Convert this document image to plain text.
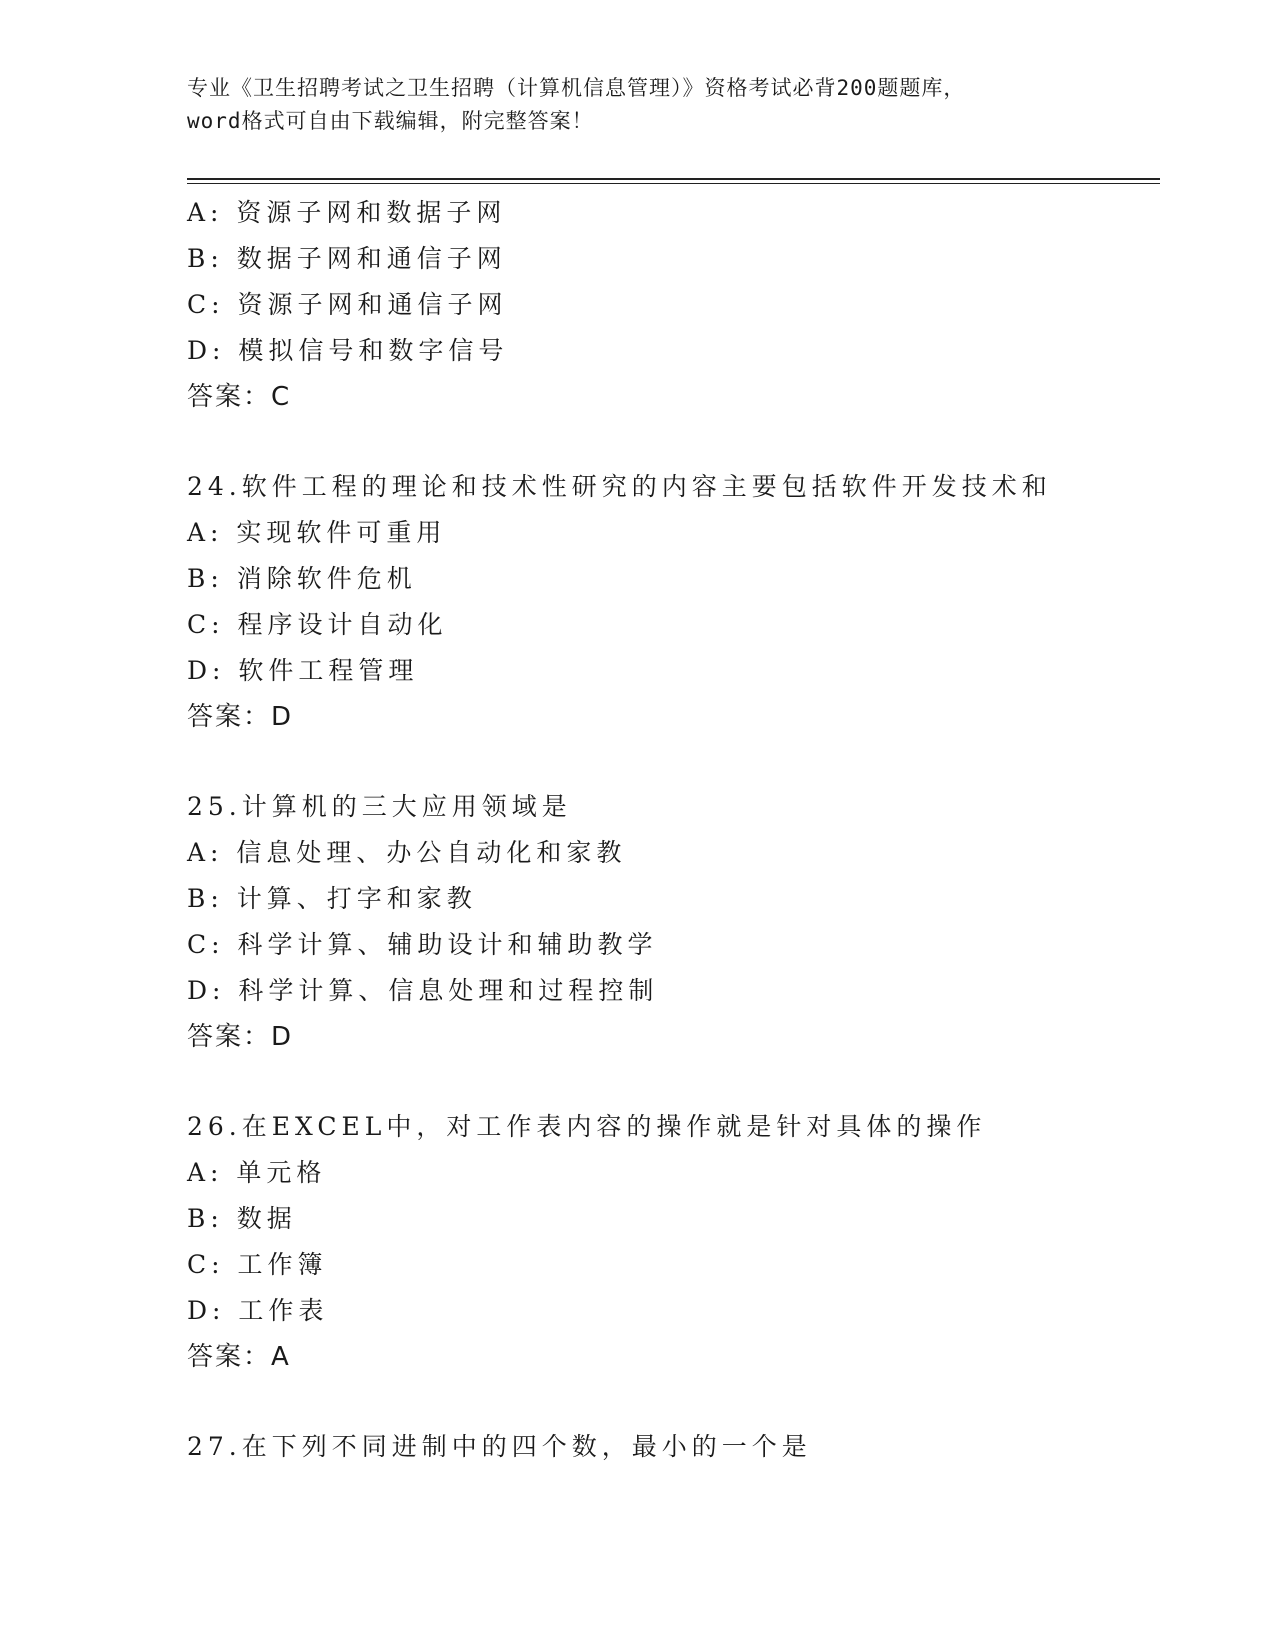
专业《卫生招聘考试之卫生招聘（计算机信息管理）》资格考试必背200题题库，
word格式可自由下载编辑，附完整答案！
A: 资源子网和数据子网
B: 数据子网和通信子网
C: 资源子网和通信子网
D: 模拟信号和数字信号
答案：C
24.软件工程的理论和技术性研究的内容主要包括软件开发技术和
A: 实现软件可重用
B: 消除软件危机
C: 程序设计自动化
D: 软件工程管理
答案：D
25.计算机的三大应用领域是
A: 信息处理、办公自动化和家教
B: 计算、打字和家教
C: 科学计算、辅助设计和辅助教学
D: 科学计算、信息处理和过程控制
答案：D
26.在EXCEL中，对工作表内容的操作就是针对具体的操作
A: 单元格
B: 数据
C: 工作簿
D: 工作表
答案：A
27.在下列不同进制中的四个数，最小的一个是
